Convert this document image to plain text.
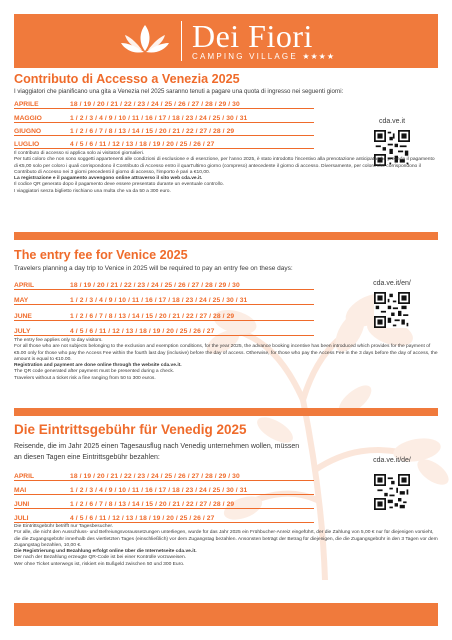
Dei Fiori
CAMPING VILLAGE ★★★★
Contributo di Accesso a Venezia 2025
I viaggiatori che pianificano una gita a Venezia nel 2025 saranno tenuti a pagare una quota di ingresso nei seguenti giorni:
APRILE	18 / 19 / 20 / 21 / 22 / 23 / 24 / 25 / 26 / 27 / 28 / 29 / 30
MAGGIO	1 / 2 / 3 / 4 / 9 / 10 / 11 / 16 / 17 / 18 / 23 / 24 / 25 / 30 / 31
GIUGNO	1 / 2 / 6 / 7 / 8 / 13 / 14 / 15 / 20 / 21 / 22 / 27 / 28 / 29
LUGLIO	4 / 5 / 6 / 11 / 12 / 13 / 18 / 19 / 20 / 25 / 26 / 27
cda.ve.it

Il contributo di accesso si applica solo ai visitatori giornalieri.

Per tutti coloro che non sono soggetti appartenenti alle condizioni di esclusione e di esenzione, per l'anno 2025, è stato introdotto l'incentivo alla prenotazione anticipata che prevede il pagamento di €5,00 solo per coloro i quali corrispondono il Contributo di Accesso entro il quart'ultimo giorno (compreso) antecedente il giorno di accesso. Diversamente, per coloro che corrispondono il Contributo di Accesso nei 3 giorni precedenti il giorno di accesso, l'importo è pari a €10,00.

La registrazione e il pagamento avvengono online attraverso il sito web cda.ve.it.

Il codice QR generato dopo il pagamento deve essere presentato durante un eventuale controllo.

I viaggiatori senza biglietto rischiano una multa che va da 50 a 300 euro.

The entry fee for Venice 2025
Travelers planning a day trip to Venice in 2025 will be required to pay an entry fee on these days:
APRIL	18 / 19 / 20 / 21 / 22 / 23 / 24 / 25 / 26 / 27 / 28 / 29 / 30
MAY	1 / 2 / 3 / 4 / 9 / 10 / 11 / 16 / 17 / 18 / 23 / 24 / 25 / 30 / 31
JUNE	1 / 2 / 6 / 7 / 8 / 13 / 14 / 15 / 20 / 21 / 22 / 27 / 28 / 29
JULY	4 / 5 / 6 / 11 / 12 / 13 / 18 / 19 / 20 / 25 / 26 / 27
cda.ve.it/en/

The entry fee applies only to day visitors.

For all those who are not subjects belonging to the exclusion and exemption conditions, for the year 2025, the advance booking incentive has been introduced which provides for the payment of €5.00 only for those who pay the Access Fee within the fourth last day (inclusive) before the day of access. Otherwise, for those who pay the Access Fee in the 3 days before the day of access, the amount is equal to €10.00.

Registration and payment are done online through the website cda.ve.it.

The QR code generated after payment must be presented during a check.

Travelers without a ticket risk a fine ranging from 50 to 300 euros.

Die Eintrittsgebühr für Venedig 2025
Reisende, die im Jahr 2025 einen Tagesausflug nach Venedig unternehmen wollen, müssen an diesen Tagen eine Eintrittsgebühr bezahlen:
APRIL	18 / 19 / 20 / 21 / 22 / 23 / 24 / 25 / 26 / 27 / 28 / 29 / 30
MAI	1 / 2 / 3 / 4 / 9 / 10 / 11 / 16 / 17 / 18 / 23 / 24 / 25 / 30 / 31
JUNI	1 / 2 / 6 / 7 / 8 / 13 / 14 / 15 / 20 / 21 / 22 / 27 / 28 / 29
JULI	4 / 5 / 6 / 11 / 12 / 13 / 18 / 19 / 20 / 25 / 26 / 27
cda.ve.it/de/

Die Eintrittsgebühr betrifft nur Tagesbesucher.

Für alle, die nicht den Ausschluss- und Befreiungsvoraussetzungen unterliegen, wurde für das Jahr 2025 ein Frühbucher-Anreiz eingeführt, der die Zahlung von 5,00 € nur für diejenigen vorsieht, die die Zugangsgebühr innerhalb des viertletzten Tages (einschließlich) vor dem Zugangstag bezahlen. Ansonsten beträgt der Betrag für diejenigen, die die Zugangsgebühr in den 3 Tagen vor dem Zugangstag bezahlen, 10,00 €.

Die Registrierung und Bezahlung erfolgt online über die Internetseite cda.ve.it.

Der nach der Bezahlung erzeugte QR-Code ist bei einer Kontrolle vorzuweisen.

Wer ohne Ticket unterwegs ist, riskiert ein Bußgeld zwischen 50 und 300 Euro.
